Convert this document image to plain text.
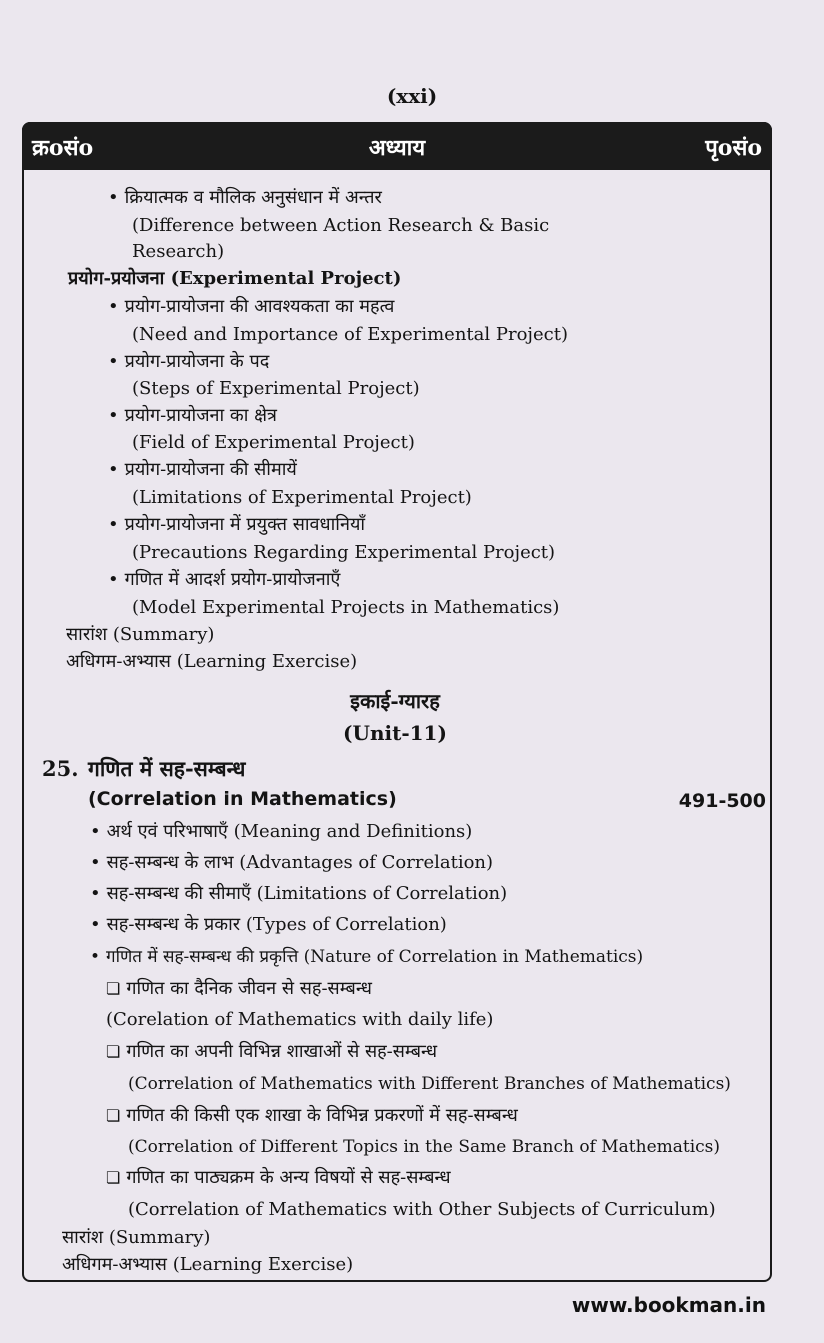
(xxi)
अध्याय
क्रoसंo	पृoसंo
• क्रियात्मक व मौलिक अनुसंधान में अन्तर
(Difference between Action Research & Basic
Research)
प्रयोग-प्रयोजना (Experimental Project)
• प्रयोग-प्रायोजना की आवश्यकता का महत्व
(Need and Importance of Experimental Project)
• प्रयोग-प्रायोजना के पद
(Steps of Experimental Project)
• प्रयोग-प्रायोजना का क्षेत्र
(Field of Experimental Project)
• प्रयोग-प्रायोजना की सीमायें
(Limitations of Experimental Project)
• प्रयोग-प्रायोजना में प्रयुक्त सावधानियाँ
(Precautions Regarding Experimental Project)
• गणित में आदर्श प्रयोग-प्रायोजनाएँ
(Model Experimental Projects in Mathematics)
सारांश (Summary)
अधिगम-अभ्यास (Learning Exercise)
इकाई-ग्यारह
(Unit-11)
25. गणित में सह-सम्बन्ध
(Correlation in Mathematics)	491-500
• अर्थ एवं परिभाषाएँ (Meaning and Definitions)
• सह-सम्बन्ध के लाभ (Advantages of Correlation)
• सह-सम्बन्ध की सीमाएँ (Limitations of Correlation)
• सह-सम्बन्ध के प्रकार (Types of Correlation)
• गणित में सह-सम्बन्ध की प्रकृत्ति (Nature of Correlation in Mathematics)
❏ गणित का दैनिक जीवन से सह-सम्बन्ध
(Corelation of Mathematics with daily life)
❏ गणित का अपनी विभिन्न शाखाओं से सह-सम्बन्ध
(Correlation of Mathematics with Different Branches of Mathematics)
❏ गणित की किसी एक शाखा के विभिन्न प्रकरणों में सह-सम्बन्ध
(Correlation of Different Topics in the Same Branch of Mathematics)
❏ गणित का पाठ्यक्रम के अन्य विषयों से सह-सम्बन्ध
(Correlation of Mathematics with Other Subjects of Curriculum)
सारांश (Summary)
अधिगम-अभ्यास (Learning Exercise)
www.bookman.in
